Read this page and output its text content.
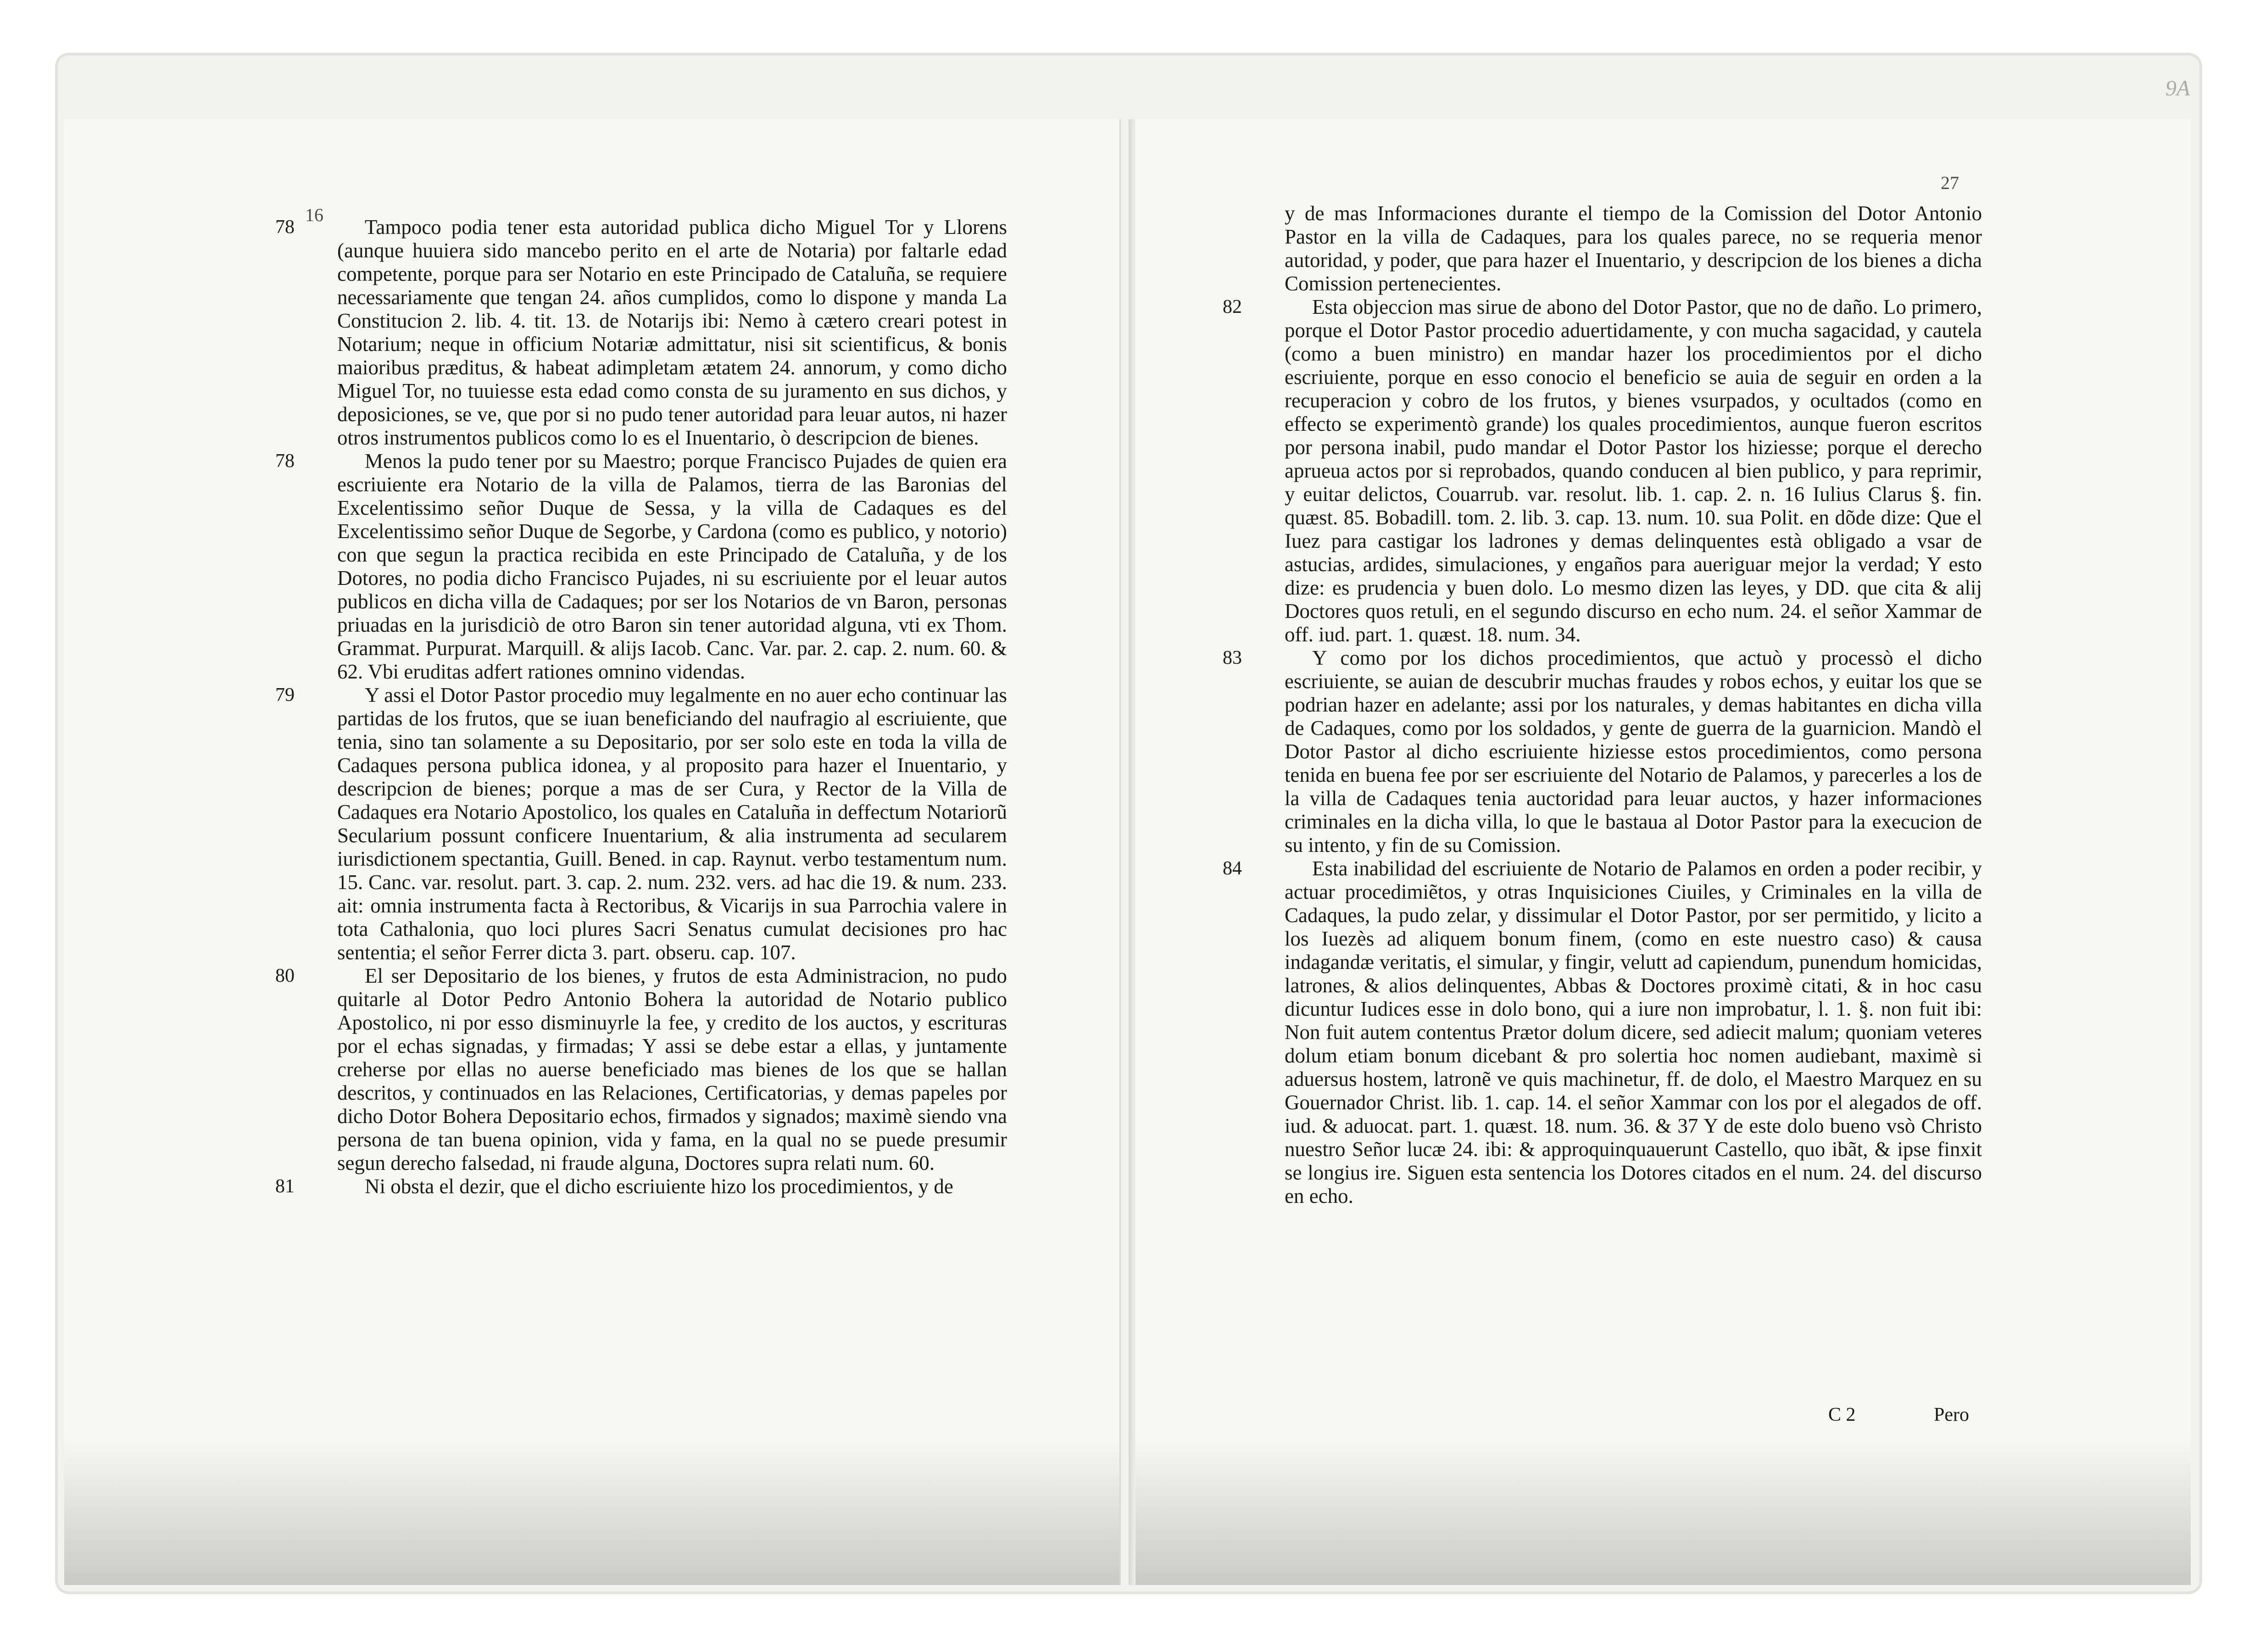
16

78	Tampoco podia tener esta autoridad publica dicho Miguel Tor y Llorens (aunque huuiera sido mancebo perito en el arte de Notaria) por faltarle edad competente, porque para ser Notario en este Principado de Cataluña, se requiere necessariamente que tengan 24. años cumplidos, como lo dispone y manda La Constitucion 2. lib. 4. tit. 13. de Notarijs ibi: Nemo à cætero creari potest in Notarium; neque in officium Notariæ admittatur, nisi sit scientificus, & bonis maioribus præditus, & habeat adimpletam ætatem 24. annorum, y como dicho Miguel Tor, no tuuiesse esta edad como consta de su juramento en sus dichos, y deposiciones, se ve, que por si no pudo tener autoridad para leuar autos, ni hazer otros instrumentos publicos como lo es el Inuentario, ò descripcion de bienes.

78	Menos la pudo tener por su Maestro; porque Francisco Pujades de quien era escriuiente era Notario de la villa de Palamos, tierra de las Baronias del Excelentissimo señor Duque de Sessa, y la villa de Cadaques es del Excelentissimo señor Duque de Segorbe, y Cardona (como es publico, y notorio) con que segun la practica recibida en este Principado de Cataluña, y de los Dotores, no podia dicho Francisco Pujades, ni su escriuiente por el leuar autos publicos en dicha villa de Cadaques; por ser los Notarios de vn Baron, personas priuadas en la jurisdiciò de otro Baron sin tener autoridad alguna, vti ex Thom. Grammat. Purpurat. Marquill. & alijs Iacob. Canc. Var. par. 2. cap. 2. num. 60. & 62. Vbi eruditas adfert rationes omnino videndas.

79	Y assi el Dotor Pastor procedio muy legalmente en no auer echo continuar las partidas de los frutos, que se iuan beneficiando del naufragio al escriuiente, que tenia, sino tan solamente a su Depositario, por ser solo este en toda la villa de Cadaques persona publica idonea, y al proposito para hazer el Inuentario, y descripcion de bienes; porque a mas de ser Cura, y Rector de la Villa de Cadaques era Notario Apostolico, los quales en Cataluña in deffectum Notariorũ Secularium possunt conficere Inuentarium, & alia instrumenta ad secularem iurisdictionem spectantia, Guill. Bened. in cap. Raynut. verbo testamentum num. 15. Canc. var. resolut. part. 3. cap. 2. num. 232. vers. ad hac die 19. & num. 233. ait: omnia instrumenta facta à Rectoribus, & Vicarijs in sua Parrochia valere in tota Cathalonia, quo loci plures Sacri Senatus cumulat decisiones pro hac sententia; el señor Ferrer dicta 3. part. obseru. cap. 107.

80	El ser Depositario de los bienes, y frutos de esta Administracion, no pudo quitarle al Dotor Pedro Antonio Bohera la autoridad de Notario publico Apostolico, ni por esso disminuyrle la fee, y credito de los auctos, y escrituras por el echas signadas, y firmadas; Y assi se debe estar a ellas, y juntamente creherse por ellas no auerse beneficiado mas bienes de los que se hallan descritos, y continuados en las Relaciones, Certificatorias, y demas papeles por dicho Dotor Bohera Depositario echos, firmados y signados; maximè siendo vna persona de tan buena opinion, vida y fama, en la qual no se puede presumir segun derecho falsedad, ni fraude alguna, Doctores supra relati num. 60.

81	Ni obsta el dezir, que el dicho escriuiente hizo los procedimientos, y de

9A
27

y de mas Informaciones durante el tiempo de la Comission del Dotor Antonio Pastor en la villa de Cadaques, para los quales parece, no se requeria menor autoridad, y poder, que para hazer el Inuentario, y descripcion de los bienes a dicha Comission pertenecientes.

82	Esta objeccion mas sirue de abono del Dotor Pastor, que no de daño. Lo primero, porque el Dotor Pastor procedio aduertidamente, y con mucha sagacidad, y cautela (como a buen ministro) en mandar hazer los procedimientos por el dicho escriuiente, porque en esso conocio el beneficio se auia de seguir en orden a la recuperacion y cobro de los frutos, y bienes vsurpados, y ocultados (como en effecto se experimentò grande) los quales procedimientos, aunque fueron escritos por persona inabil, pudo mandar el Dotor Pastor los hiziesse; porque el derecho aprueua actos por si reprobados, quando conducen al bien publico, y para reprimir, y euitar delictos, Couarrub. var. resolut. lib. 1. cap. 2. n. 16 Iulius Clarus §. fin. quæst. 85. Bobadill. tom. 2. lib. 3. cap. 13. num. 10. sua Polit. en dõde dize: Que el Iuez para castigar los ladrones y demas delinquentes està obligado a vsar de astucias, ardides, simulaciones, y engaños para aueriguar mejor la verdad; Y esto dize: es prudencia y buen dolo. Lo mesmo dizen las leyes, y DD. que cita & alij Doctores quos retuli, en el segundo discurso en echo num. 24. el señor Xammar de off. iud. part. 1. quæst. 18. num. 34.

83	Y como por los dichos procedimientos, que actuò y processò el dicho escriuiente, se auian de descubrir muchas fraudes y robos echos, y euitar los que se podrian hazer en adelante; assi por los naturales, y demas habitantes en dicha villa de Cadaques, como por los soldados, y gente de guerra de la guarnicion. Mandò el Dotor Pastor al dicho escriuiente hiziesse estos procedimientos, como persona tenida en buena fee por ser escriuiente del Notario de Palamos, y parecerles a los de la villa de Cadaques tenia auctoridad para leuar auctos, y hazer informaciones criminales en la dicha villa, lo que le bastaua al Dotor Pastor para la execucion de su intento, y fin de su Comission.

84	Esta inabilidad del escriuiente de Notario de Palamos en orden a poder recibir, y actuar procedimiẽtos, y otras Inquisiciones Ciuiles, y Criminales en la villa de Cadaques, la pudo zelar, y dissimular el Dotor Pastor, por ser permitido, y licito a los Iuezès ad aliquem bonum finem, (como en este nuestro caso) & causa indagandæ veritatis, el simular, y fingir, velutt ad capiendum, punendum homicidas, latrones, & alios delinquentes, Abbas & Doctores proximè citati, & in hoc casu dicuntur Iudices esse in dolo bono, qui a iure non improbatur, l. 1. §. non fuit ibi: Non fuit autem contentus Prætor dolum dicere, sed adiecit malum; quoniam veteres dolum etiam bonum dicebant & pro solertia hoc nomen audiebant, maximè si aduersus hostem, latronẽ ve quis machinetur, ff. de dolo, el Maestro Marquez en su Gouernador Christ. lib. 1. cap. 14. el señor Xammar con los por el alegados de off. iud. & aduocat. part. 1. quæst. 18. num. 36. & 37 Y de este dolo bueno vsò Christo nuestro Señor lucæ 24. ibi: & approquinquauerunt Castello, quo ibãt, & ipse finxit se longius ire. Siguen esta sentencia los Dotores citados en el num. 24. del discurso en echo.

C 2	Pero
